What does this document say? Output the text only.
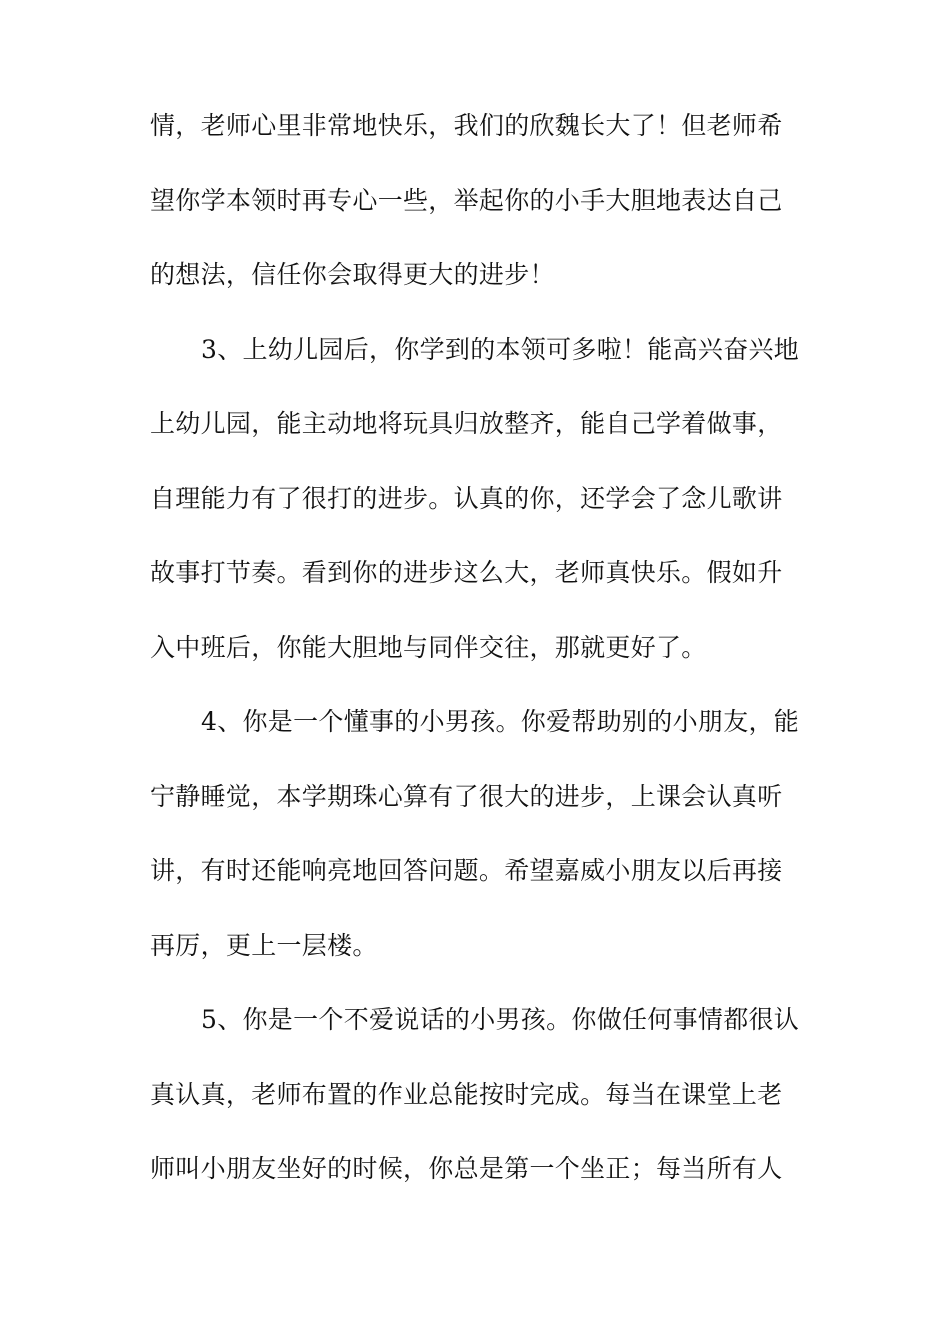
情，老师心里非常地快乐，我们的欣魏长大了！但老师希
望你学本领时再专心一些，举起你的小手大胆地表达自己
的想法，信任你会取得更大的进步！
3、上幼儿园后，你学到的本领可多啦！能高兴奋兴地
上幼儿园，能主动地将玩具归放整齐，能自己学着做事，
自理能力有了很打的进步。认真的你，还学会了念儿歌讲
故事打节奏。看到你的进步这么大，老师真快乐。假如升
入中班后，你能大胆地与同伴交往，那就更好了。
4、你是一个懂事的小男孩。你爱帮助别的小朋友，能
宁静睡觉，本学期珠心算有了很大的进步，上课会认真听
讲，有时还能响亮地回答问题。希望嘉威小朋友以后再接
再厉，更上一层楼。
5、你是一个不爱说话的小男孩。你做任何事情都很认
真认真，老师布置的作业总能按时完成。每当在课堂上老
师叫小朋友坐好的时候，你总是第一个坐正；每当所有人
